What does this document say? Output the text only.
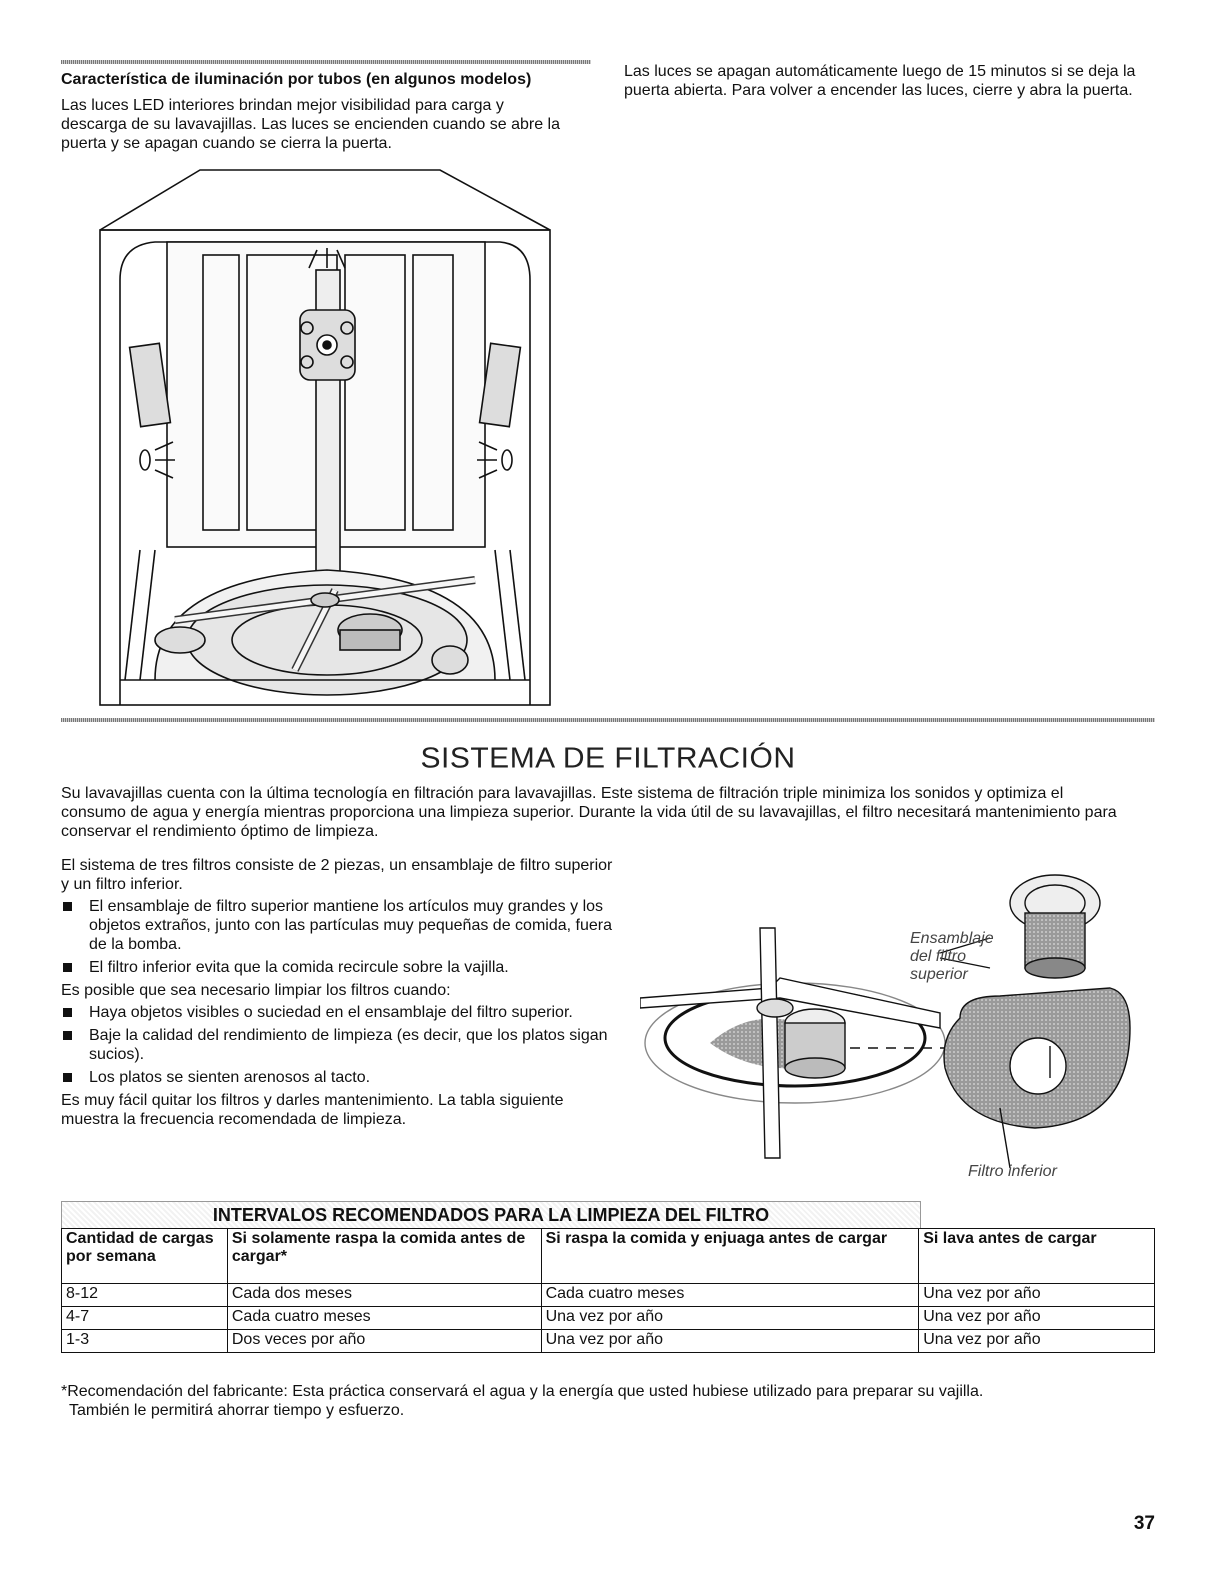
Característica de iluminación por tubos (en algunos modelos)

Las luces LED interiores brindan mejor visibilidad para carga y descarga de su lavavajillas. Las luces se encienden cuando se abre la puerta y se apagan cuando se cierra la puerta.

Las luces se apagan automáticamente luego de 15 minutos si se deja la puerta abierta. Para volver a encender las luces, cierre y abra la puerta.

SISTEMA DE FILTRACIÓN

Su lavavajillas cuenta con la última tecnología en filtración para lavavajillas. Este sistema de filtración triple minimiza los sonidos y optimiza el consumo de agua y energía mientras proporciona una limpieza superior. Durante la vida útil de su lavavajillas, el filtro necesitará mantenimiento para conservar el rendimiento óptimo de limpieza.

El sistema de tres filtros consiste de 2 piezas, un ensamblaje de filtro superior y un filtro inferior.

El ensamblaje de filtro superior mantiene los artículos muy grandes y los objetos extraños, junto con las partículas muy pequeñas de comida, fuera de la bomba.
El filtro inferior evita que la comida recircule sobre la vajilla.

Es posible que sea necesario limpiar los filtros cuando:

Haya objetos visibles o suciedad en el ensamblaje del filtro superior.
Baje la calidad del rendimiento de limpieza (es decir, que los platos sigan sucios).
Los platos se sienten arenosos al tacto.

Es muy fácil quitar los filtros y darles mantenimiento. La tabla siguiente muestra la frecuencia recomendada de limpieza.

Ensamblaje
del filtro
superior
Filtro inferior
INTERVALOS RECOMENDADOS PARA LA LIMPIEZA DEL FILTRO
Cantidad de cargas por semana	Si solamente raspa la comida antes de cargar*	Si raspa la comida y enjuaga antes de cargar	Si lava antes de cargar
8-12	Cada dos meses	Cada cuatro meses	Una vez por año
4-7	Cada cuatro meses	Una vez por año	Una vez por año
1-3	Dos veces por año	Una vez por año	Una vez por año

*Recomendación del fabricante: Esta práctica conservará el agua y la energía que usted hubiese utilizado para preparar su vajilla.

También le permitirá ahorrar tiempo y esfuerzo.

37
